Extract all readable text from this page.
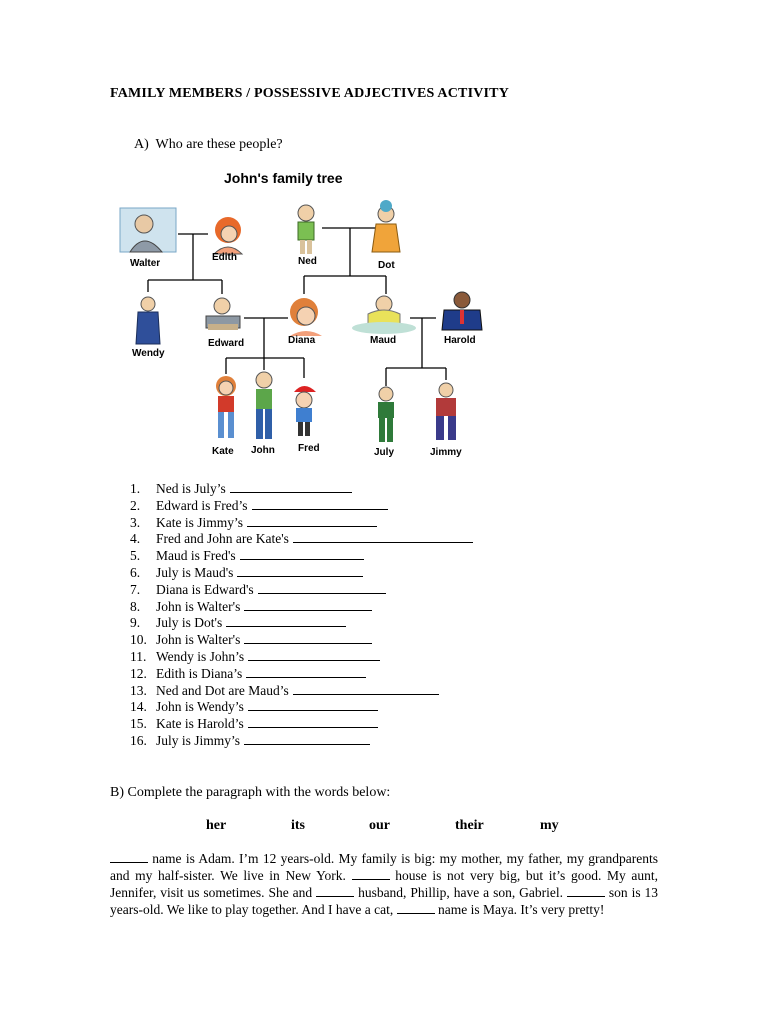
FAMILY MEMBERS / POSSESSIVE ADJECTIVES ACTIVITY
A) Who are these people?
John's family tree
Walter
Edith	Ned	Dot
Wendy
Edward	Diana	Maud	Harold
Kate John Fred	July	Jimmy
1. Ned is July’s
2. Edward is Fred’s
3. Kate is Jimmy’s
4. Fred and John are Kate's
5. Maud is Fred's
6. July is Maud's
7. Diana is Edward's
8. John is Walter's
9. July is Dot's
10. John is Walter's
11. Wendy is John’s
12. Edith is Diana’s
13. Ned and Dot are Maud’s
14. John is Wendy’s
15. Kate is Harold’s
16. July is Jimmy’s
B) Complete the paragraph with the words below:
her	its	our	their	my
name is Adam. I’m 12 years-old. My family is big: my mother, my father, my grandparents and my half-sister. We live in New York.	house is not very big, but it’s good. My aunt, Jennifer, visit us sometimes. She and	husband, Phillip, have a son, Gabriel.	son is 13 years-old. We like to play together. And I have a cat,	name is Maya. It’s very pretty!
